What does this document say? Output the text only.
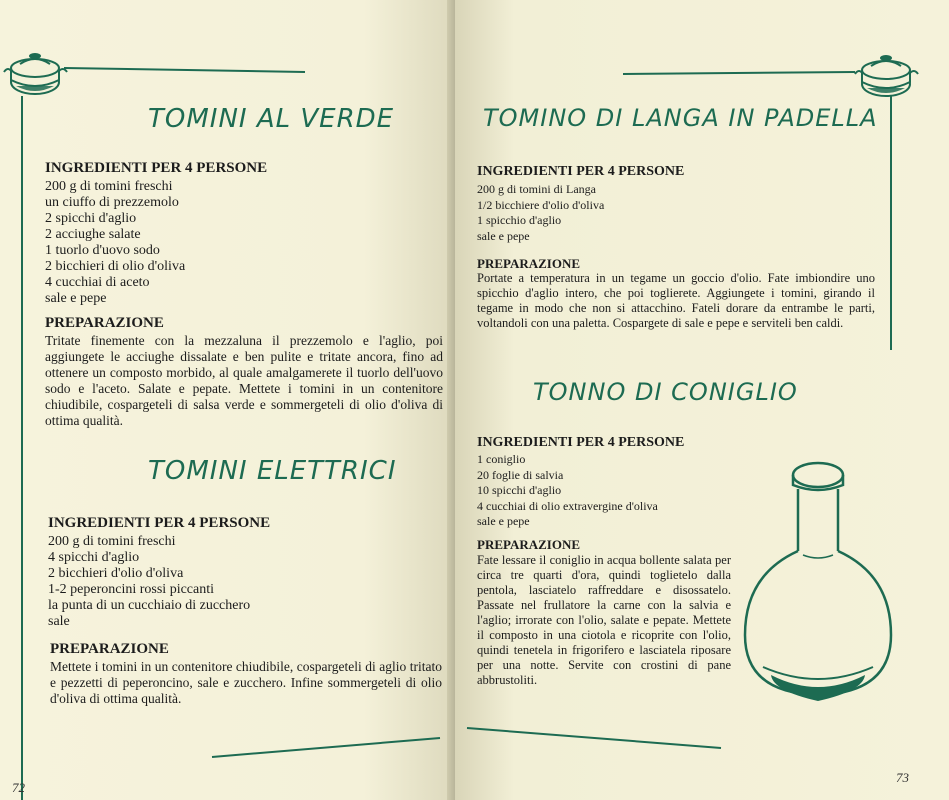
TOMINI AL VERDE
INGREDIENTI PER 4 PERSONE
200 g di tomini freschi
un ciuffo di prezzemolo
2 spicchi d'aglio
2 acciughe salate
1 tuorlo d'uovo sodo
2 bicchieri di olio d'oliva
4 cucchiai di aceto
sale e pepe
PREPARAZIONE

Tritate finemente con la mezzaluna il prezzemolo e l'aglio, poi aggiungete le acciughe dissalate e ben pulite e tritate ancora, fino ad ottenere un composto morbido, al quale amalgamerete il tuorlo dell'uovo sodo e l'aceto. Salate e pepate. Mettete i tomini in un contenitore chiudibile, cospargeteli di salsa verde e sommergeteli di olio d'oliva di ottima qualità.

TOMINI ELETTRICI
INGREDIENTI PER 4 PERSONE
200 g di tomini freschi
4 spicchi d'aglio
2 bicchieri d'olio d'oliva
1-2 peperoncini rossi piccanti
la punta di un cucchiaio di zucchero
sale
PREPARAZIONE

Mettete i tomini in un contenitore chiudibile, cospargeteli di aglio tritato e pezzetti di peperoncino, sale e zucchero. Infine sommergeteli di olio d'oliva di ottima qualità.

72
TOMINO DI LANGA IN PADELLA
INGREDIENTI PER 4 PERSONE
200 g di tomini di Langa
1/2 bicchiere d'olio d'oliva
1 spicchio d'aglio
sale e pepe
PREPARAZIONE

Portate a temperatura in un tegame un goccio d'olio. Fate imbiondire uno spicchio d'aglio intero, che poi toglierete. Aggiungete i tomini, girando il tegame in modo che non si attacchino. Fateli dorare da entrambe le parti, voltandoli con una paletta. Cospargete di sale e pepe e serviteli ben caldi.

TONNO DI CONIGLIO
INGREDIENTI PER 4 PERSONE
1 coniglio
20 foglie di salvia
10 spicchi d'aglio
4 cucchiai di olio extravergine d'oliva
sale e pepe
PREPARAZIONE

Fate lessare il coniglio in acqua bollente salata per circa tre quarti d'ora, quindi toglietelo dalla pentola, lasciatelo raffreddare e disossatelo. Passate nel frullatore la carne con la salvia e l'aglio; irrorate con l'olio, salate e pepate. Mettete il composto in una ciotola e ricoprite con l'olio, quindi tenetela in frigorifero e lasciatela riposare per una notte. Servite con crostini di pane abbrustoliti.

73
